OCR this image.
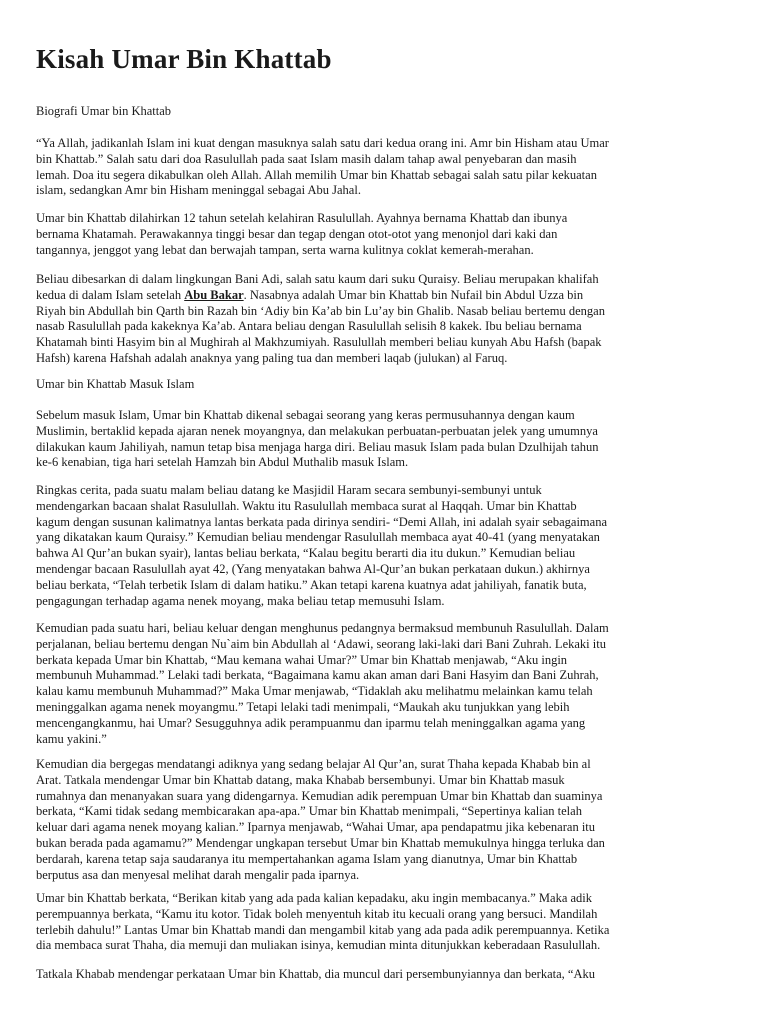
Kisah Umar Bin Khattab
Biografi Umar bin Khattab
“Ya Allah, jadikanlah Islam ini kuat dengan masuknya salah satu dari kedua orang ini. Amr bin Hisham atau Umar
bin Khattab.” Salah satu dari doa Rasulullah pada saat Islam masih dalam tahap awal penyebaran dan masih
lemah. Doa itu segera dikabulkan oleh Allah. Allah memilih Umar bin Khattab sebagai salah satu pilar kekuatan
islam, sedangkan Amr bin Hisham meninggal sebagai Abu Jahal.
Umar bin Khattab dilahirkan 12 tahun setelah kelahiran Rasulullah. Ayahnya bernama Khattab dan ibunya
bernama Khatamah. Perawakannya tinggi besar dan tegap dengan otot-otot yang menonjol dari kaki dan
tangannya, jenggot yang lebat dan berwajah tampan, serta warna kulitnya coklat kemerah-merahan.
Beliau dibesarkan di dalam lingkungan Bani Adi, salah satu kaum dari suku Quraisy. Beliau merupakan khalifah
kedua di dalam Islam setelah Abu Bakar. Nasabnya adalah Umar bin Khattab bin Nufail bin Abdul Uzza bin
Riyah bin Abdullah bin Qarth bin Razah bin ‘Adiy bin Ka’ab bin Lu’ay bin Ghalib. Nasab beliau bertemu dengan
nasab Rasulullah pada kakeknya Ka’ab. Antara beliau dengan Rasulullah selisih 8 kakek. Ibu beliau bernama
Khatamah binti Hasyim bin al Mughirah al Makhzumiyah. Rasulullah memberi beliau kunyah Abu Hafsh (bapak
Hafsh) karena Hafshah adalah anaknya yang paling tua dan memberi laqab (julukan) al Faruq.
Umar bin Khattab Masuk Islam
Sebelum masuk Islam, Umar bin Khattab dikenal sebagai seorang yang keras permusuhannya dengan kaum
Muslimin, bertaklid kepada ajaran nenek moyangnya, dan melakukan perbuatan-perbuatan jelek yang umumnya
dilakukan kaum Jahiliyah, namun tetap bisa menjaga harga diri. Beliau masuk Islam pada bulan Dzulhijah tahun
ke-6 kenabian, tiga hari setelah Hamzah bin Abdul Muthalib masuk Islam.
Ringkas cerita, pada suatu malam beliau datang ke Masjidil Haram secara sembunyi-sembunyi untuk
mendengarkan bacaan shalat Rasulullah. Waktu itu Rasulullah membaca surat al Haqqah. Umar bin Khattab
kagum dengan susunan kalimatnya lantas berkata pada dirinya sendiri- “Demi Allah, ini adalah syair sebagaimana
yang dikatakan kaum Quraisy.” Kemudian beliau mendengar Rasulullah membaca ayat 40-41 (yang menyatakan
bahwa Al Qur’an bukan syair), lantas beliau berkata, “Kalau begitu berarti dia itu dukun.” Kemudian beliau
mendengar bacaan Rasulullah ayat 42, (Yang menyatakan bahwa Al-Qur’an bukan perkataan dukun.) akhirnya
beliau berkata, “Telah terbetik Islam di dalam hatiku.” Akan tetapi karena kuatnya adat jahiliyah, fanatik buta,
pengagungan terhadap agama nenek moyang, maka beliau tetap memusuhi Islam.
Kemudian pada suatu hari, beliau keluar dengan menghunus pedangnya bermaksud membunuh Rasulullah. Dalam
perjalanan, beliau bertemu dengan Nu`aim bin Abdullah al ‘Adawi, seorang laki-laki dari Bani Zuhrah. Lekaki itu
berkata kepada Umar bin Khattab, “Mau kemana wahai Umar?” Umar bin Khattab menjawab, “Aku ingin
membunuh Muhammad.” Lelaki tadi berkata, “Bagaimana kamu akan aman dari Bani Hasyim dan Bani Zuhrah,
kalau kamu membunuh Muhammad?” Maka Umar menjawab, “Tidaklah aku melihatmu melainkan kamu telah
meninggalkan agama nenek moyangmu.” Tetapi lelaki tadi menimpali, “Maukah aku tunjukkan yang lebih
mencengangkanmu, hai Umar? Sesugguhnya adik perampuanmu dan iparmu telah meninggalkan agama yang
kamu yakini.”
Kemudian dia bergegas mendatangi adiknya yang sedang belajar Al Qur’an, surat Thaha kepada Khabab bin al
Arat. Tatkala mendengar Umar bin Khattab datang, maka Khabab bersembunyi. Umar bin Khattab masuk
rumahnya dan menanyakan suara yang didengarnya. Kemudian adik perempuan Umar bin Khattab dan suaminya
berkata, “Kami tidak sedang membicarakan apa-apa.” Umar bin Khattab menimpali, “Sepertinya kalian telah
keluar dari agama nenek moyang kalian.” Iparnya menjawab, “Wahai Umar, apa pendapatmu jika kebenaran itu
bukan berada pada agamamu?” Mendengar ungkapan tersebut Umar bin Khattab memukulnya hingga terluka dan
berdarah, karena tetap saja saudaranya itu mempertahankan agama Islam yang dianutnya, Umar bin Khattab
berputus asa dan menyesal melihat darah mengalir pada iparnya.
Umar bin Khattab berkata, “Berikan kitab yang ada pada kalian kepadaku, aku ingin membacanya.” Maka adik
perempuannya berkata, “Kamu itu kotor. Tidak boleh menyentuh kitab itu kecuali orang yang bersuci. Mandilah
terlebih dahulu!” Lantas Umar bin Khattab mandi dan mengambil kitab yang ada pada adik perempuannya. Ketika
dia membaca surat Thaha, dia memuji dan muliakan isinya, kemudian minta ditunjukkan keberadaan Rasulullah.
Tatkala Khabab mendengar perkataan Umar bin Khattab, dia muncul dari persembunyiannya dan berkata, “Aku
